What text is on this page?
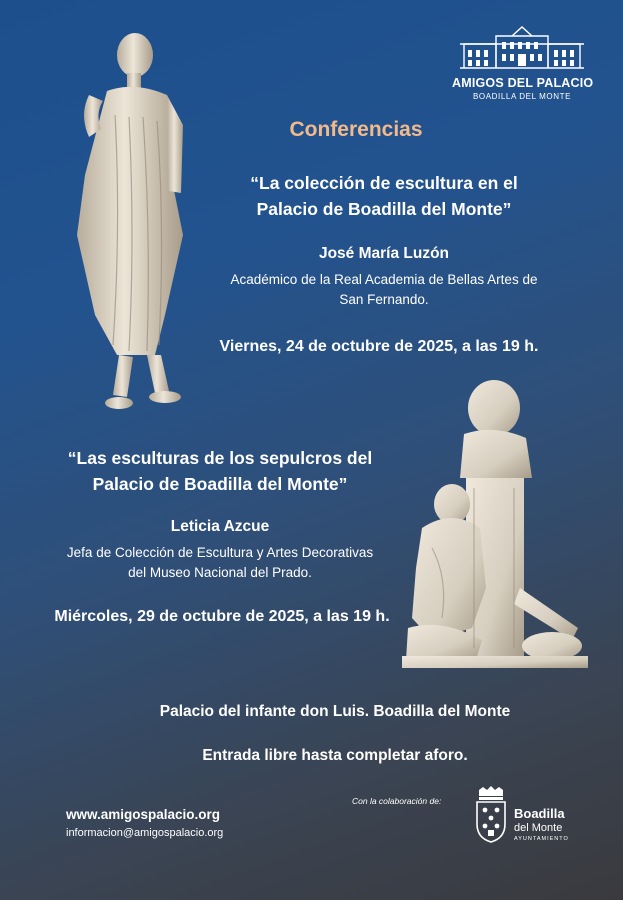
AMIGOS DEL PALACIO
BOADILLA DEL MONTE
Conferencias
“La colección de escultura en el
Palacio de Boadilla del Monte”
José María Luzón
Académico de la Real Academia de Bellas Artes de
San Fernando.
Viernes, 24 de octubre de 2025, a las 19 h.
“Las esculturas de los sepulcros del
Palacio de Boadilla del Monte”
Leticia Azcue
Jefa de Colección de Escultura y Artes Decorativas
del Museo Nacional del Prado.
Miércoles, 29 de octubre de 2025, a las 19 h.
Palacio del infante don Luis. Boadilla del Monte
Entrada libre hasta completar aforo.
www.amigospalacio.org
informacion@amigospalacio.org
Con la colaboración de:
Boadilla
del Monte
AYUNTAMIENTO
